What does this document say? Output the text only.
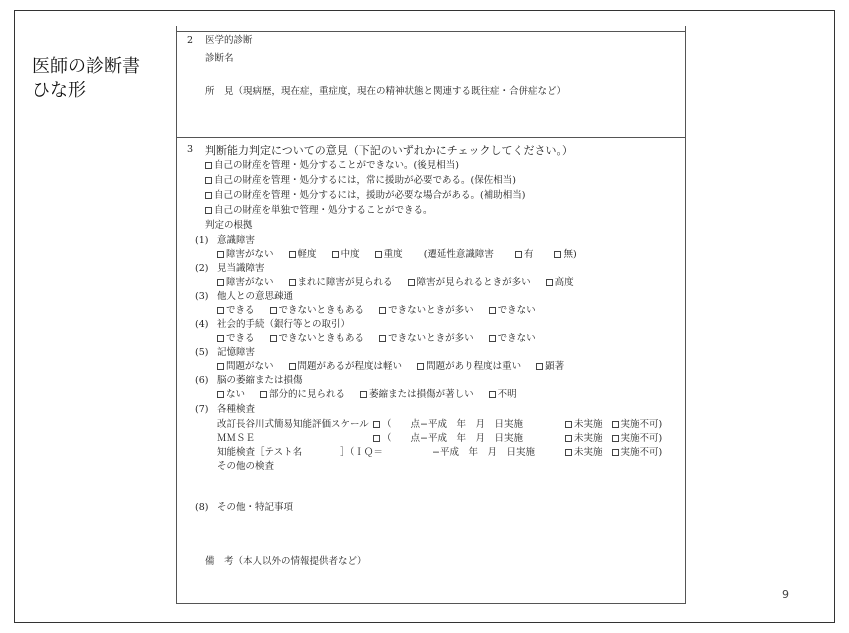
医師の診断書
ひな形
9
2 医学的診断
診断名
所　見（現病歴，現在症，重症度，現在の精神状態と関連する既往症・合併症など）
3 判断能力判定についての意見（下記のいずれかにチェックしてください。）
自己の財産を管理・処分することができない。(後見相当)
自己の財産を管理・処分するには，常に援助が必要である。(保佐相当)
自己の財産を管理・処分するには，援助が必要な場合がある。(補助相当)
自己の財産を単独で管理・処分することができる。
判定の根拠
(1) 意識障害
障害がない	軽度	中度	重度 (遷延性意識障害	有	無)
(2) 見当識障害
障害がない	まれに障害が見られる	障害が見られるときが多い	高度
(3) 他人との意思疎通
できる	できないときもある	できないときが多い	できない
(4) 社会的手続（銀行等との取引）
できる	できないときもある	できないときが多い	できない
(5) 記憶障害
問題がない	問題があるが程度は軽い	問題があり程度は重い	顕著
(6) 脳の萎縮または損傷
ない	部分的に見られる	萎縮または損傷が著しい	不明
(7) 各種検査
改訂長谷川式簡易知能評価スケール	（　　点−平成　年　月　日実施	未実施 実施不可)
ＭＭＳＥ	（　　点−平成　年　月　日実施	未実施 実施不可)
知能検査［テスト名　　　　］（ＩＱ＝	−平成　年　月　日実施	未実施 実施不可)
その他の検査
(8) その他・特記事項
備　考（本人以外の情報提供者など）
